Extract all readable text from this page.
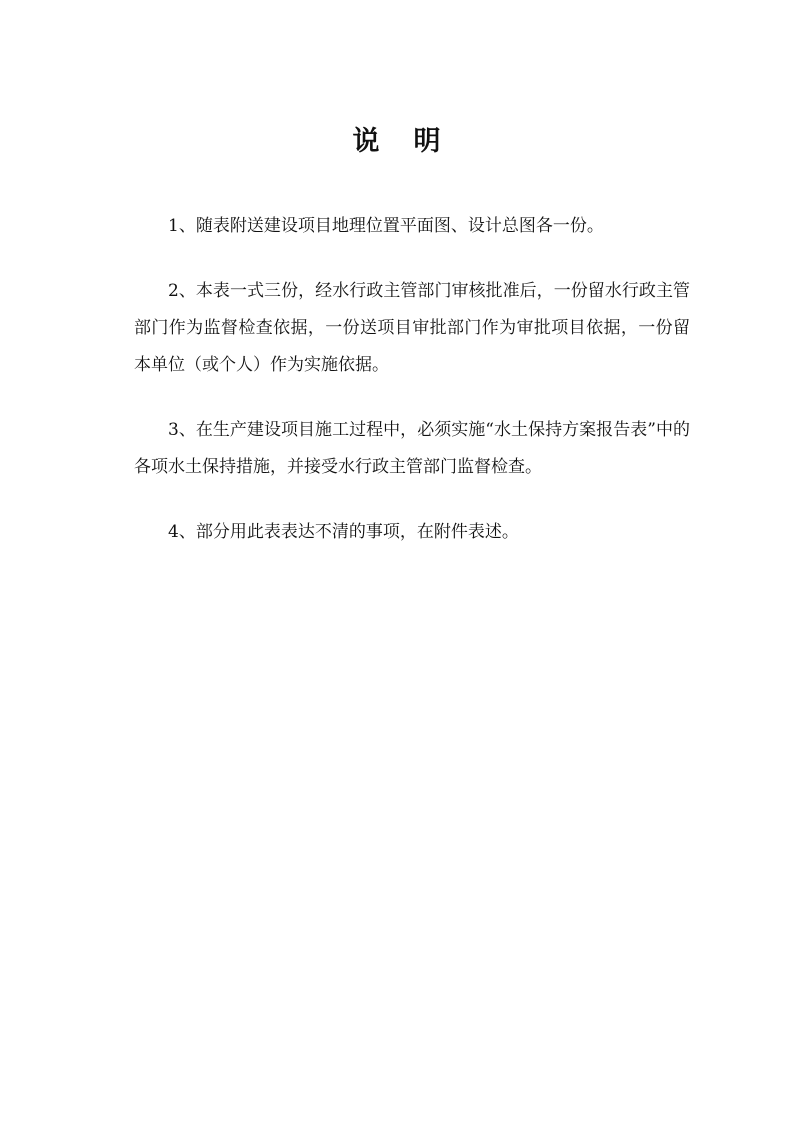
说明

1、随表附送建设项目地理位置平面图、设计总图各一份。

2、本表一式三份，经水行政主管部门审核批准后，一份留水行政主管部门作为监督检查依据，一份送项目审批部门作为审批项目依据，一份留本单位（或个人）作为实施依据。

3、在生产建设项目施工过程中，必须实施“水土保持方案报告表”中的各项水土保持措施，并接受水行政主管部门监督检查。

4、部分用此表表达不清的事项，在附件表述。
